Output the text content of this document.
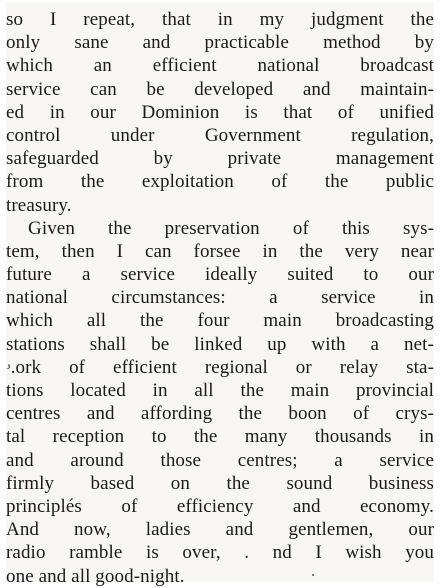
so I repeat, that in my judgment the
only sane and practicable method by
which an efficient national broadcast
service can be developed and maintain-
ed in our Dominion is that of unified
control under Government regulation,
safeguarded by private management
from the exploitation of the public
treasury.
Given the preservation of this sys-
tem, then I can forsee in the very near
future a service ideally suited to our
national circumstances: a service in
which all the four main broadcasting
stations shall be linked up with a net-
ۥ.ork of efficient regional or relay sta-
tions located in all the main provincial
centres and affording the boon of crys-
tal reception to the many thousands in
and around those centres; a service
firmly based on the sound business
principlés of efficiency and economy.
And now, ladies and gentlemen, our
radio ramble is over, . nd I wish you
one and all good-night.
